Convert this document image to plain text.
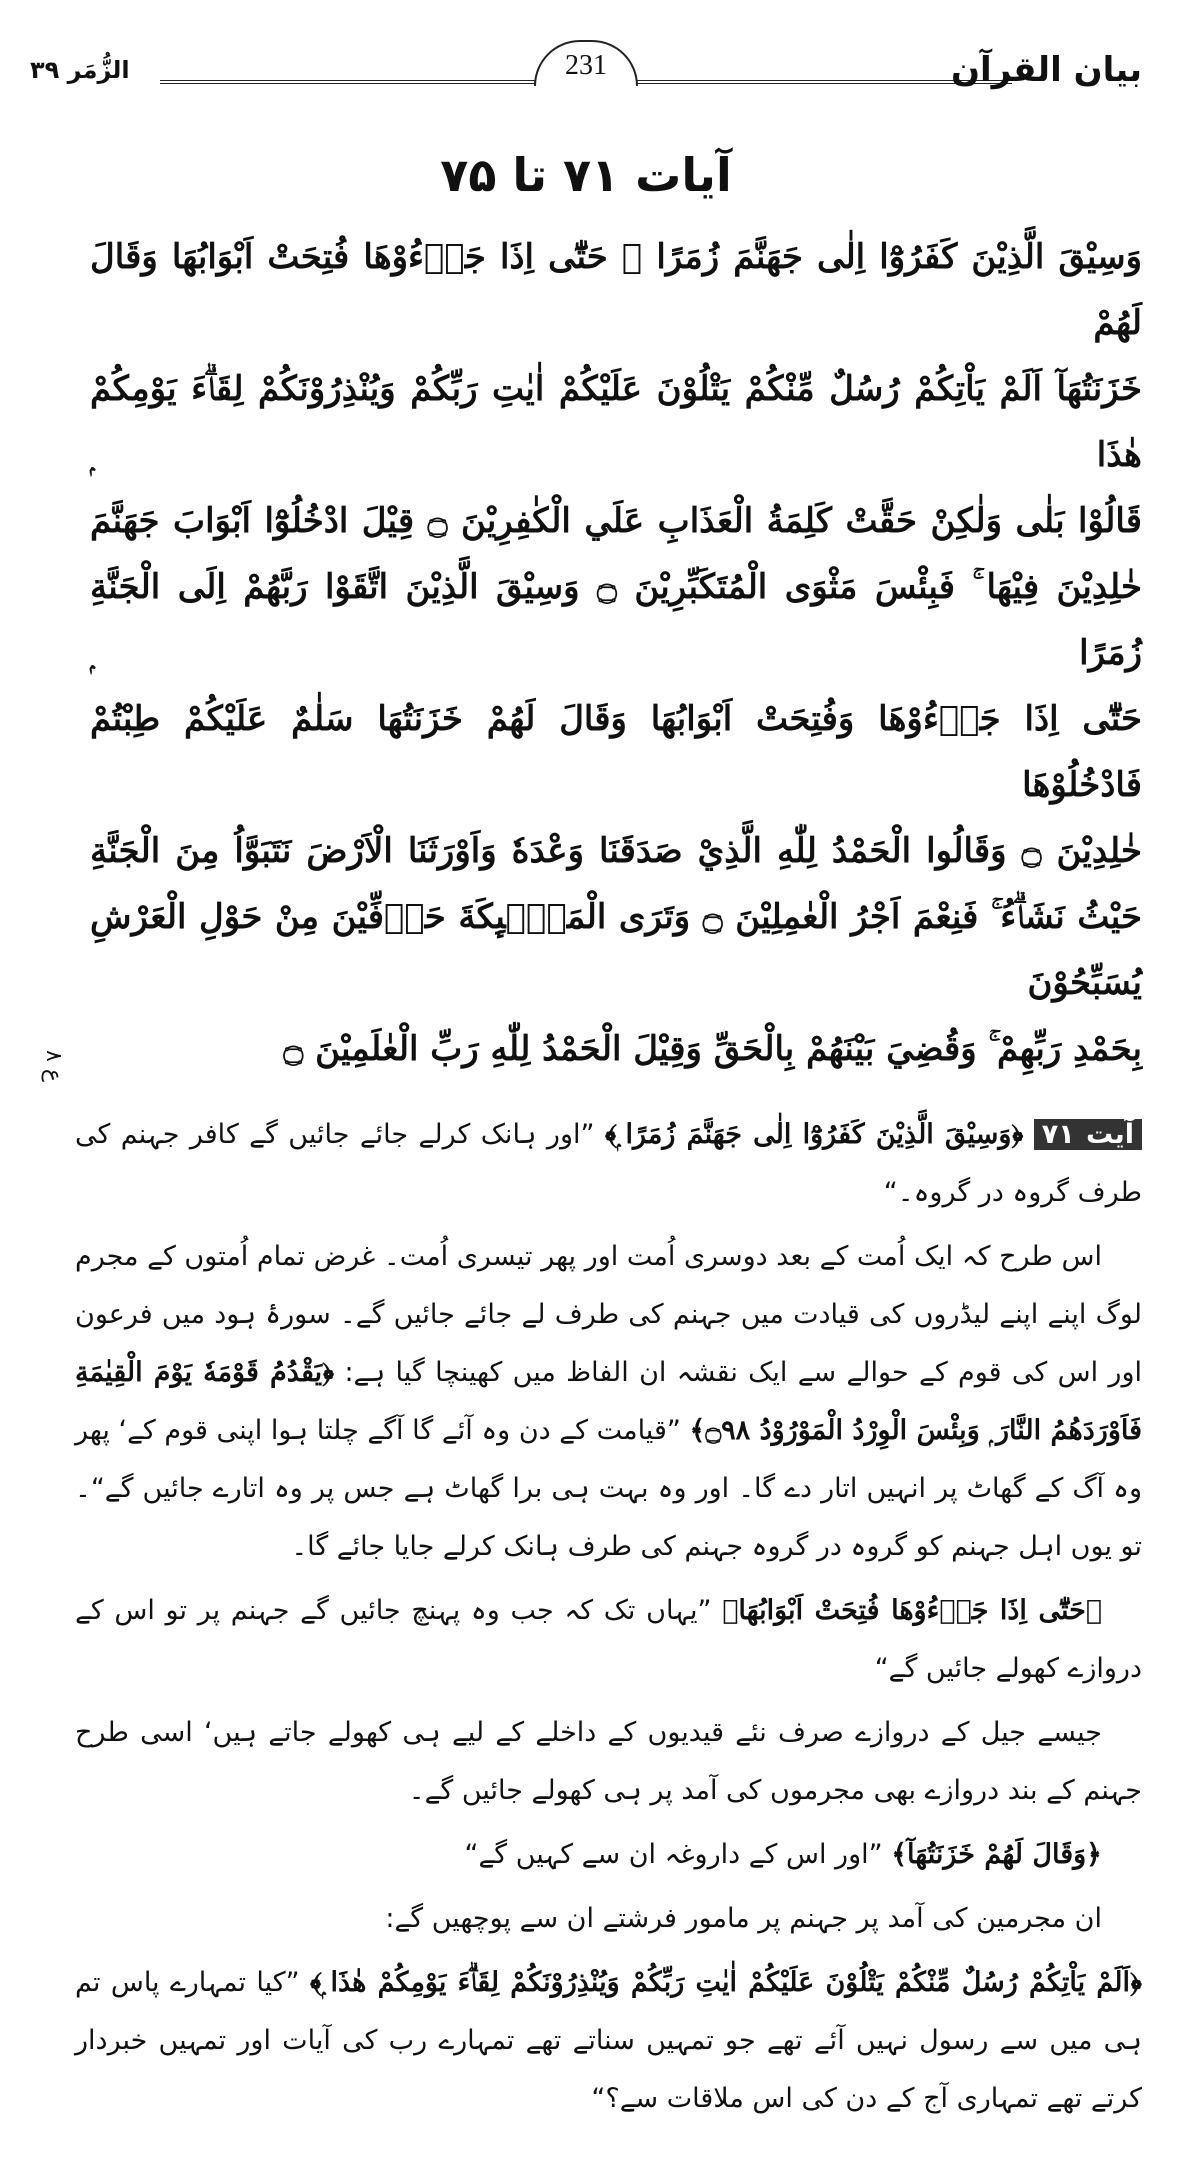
بیان القرآن
231
الزُّمَر ۳۹
آیات ۷۱ تا ۷۵

وَسِيْقَ الَّذِيْنَ كَفَرُوْٓا اِلٰى جَهَنَّمَ زُمَرًا ۭ حَتّٰٓى اِذَا جَاۗءُوْهَا فُتِحَتْ اَبْوَابُهَا وَقَالَ لَهُمْ

خَزَنَتُهَآ اَلَمْ يَاْتِكُمْ رُسُلٌ مِّنْكُمْ يَتْلُوْنَ عَلَيْكُمْ اٰيٰتِ رَبِّكُمْ وَيُنْذِرُوْنَكُمْ لِقَاۗءَ يَوْمِكُمْ هٰذَا ۭ

قَالُوْا بَلٰى وَلٰكِنْ حَقَّتْ كَلِمَةُ الْعَذَابِ عَلَي الْكٰفِرِيْنَ ۝ قِيْلَ ادْخُلُوْٓا اَبْوَابَ جَهَنَّمَ

خٰلِدِيْنَ فِيْهَا ۚ فَبِئْسَ مَثْوَى الْمُتَكَبِّرِيْنَ ۝ وَسِيْقَ الَّذِيْنَ اتَّقَوْا رَبَّهُمْ اِلَى الْجَنَّةِ زُمَرًا ۭ

حَتّٰٓى اِذَا جَاۗءُوْهَا وَفُتِحَتْ اَبْوَابُهَا وَقَالَ لَهُمْ خَزَنَتُهَا سَلٰمٌ عَلَيْكُمْ طِبْتُمْ فَادْخُلُوْهَا

خٰلِدِيْنَ ۝ وَقَالُوا الْحَمْدُ لِلّٰهِ الَّذِيْ صَدَقَنَا وَعْدَهٗ وَاَوْرَثَنَا الْاَرْضَ نَتَبَوَّاُ مِنَ الْجَنَّةِ

حَيْثُ نَشَاۗءُ ۚ فَنِعْمَ اَجْرُ الْعٰمِلِيْنَ ۝ وَتَرَى الْمَلٰۗىِٕكَةَ حَاۗفِّيْنَ مِنْ حَوْلِ الْعَرْشِ يُسَبِّحُوْنَ

بِحَمْدِ رَبِّهِمْ ۚ وَقُضِيَ بَيْنَهُمْ بِالْحَقِّ وَقِيْلَ الْحَمْدُ لِلّٰهِ رَبِّ الْعٰلَمِيْنَ ۝

ع ۸

آیت ۷۱ ﴿وَسِيْقَ الَّذِيْنَ كَفَرُوْٓا اِلٰى جَهَنَّمَ زُمَرًا ۭ﴾ ”اور ہانک کرلے جائے جائیں گے کافر جہنم کی طرف گروہ در گروہ۔“

اس طرح کہ ایک اُمت کے بعد دوسری اُمت اور پھر تیسری اُمت۔ غرض تمام اُمتوں کے مجرم لوگ اپنے اپنے لیڈروں کی قیادت میں جہنم کی طرف لے جائے جائیں گے۔ سورۂ ہود میں فرعون اور اس کی قوم کے حوالے سے ایک نقشہ ان الفاظ میں کھینچا گیا ہے: ﴿يَقْدُمُ قَوْمَهٗ يَوْمَ الْقِيٰمَةِ فَاَوْرَدَهُمُ النَّارَ ۭ وَبِئْسَ الْوِرْدُ الْمَوْرُوْدُ ۝۹۸﴾ ”قیامت کے دن وہ آئے گا آگے چلتا ہوا اپنی قوم کے‘ پھر وہ آگ کے گھاٹ پر انہیں اتار دے گا۔ اور وہ بہت ہی برا گھاٹ ہے جس پر وہ اتارے جائیں گے“۔ تو یوں اہل جہنم کو گروہ در گروہ جہنم کی طرف ہانک کرلے جایا جائے گا۔

﴿حَتّٰٓى اِذَا جَاۗءُوْهَا فُتِحَتْ اَبْوَابُهَا﴾ ”یہاں تک کہ جب وہ پہنچ جائیں گے جہنم پر تو اس کے دروازے کھولے جائیں گے“

جیسے جیل کے دروازے صرف نئے قیدیوں کے داخلے کے لیے ہی کھولے جاتے ہیں‘ اسی طرح جہنم کے بند دروازے بھی مجرموں کی آمد پر ہی کھولے جائیں گے۔

﴿وَقَالَ لَهُمْ خَزَنَتُهَآ﴾ ”اور اس کے داروغہ ان سے کہیں گے“

ان مجرمین کی آمد پر جہنم پر مامور فرشتے ان سے پوچھیں گے:

﴿اَلَمْ يَاْتِكُمْ رُسُلٌ مِّنْكُمْ يَتْلُوْنَ عَلَيْكُمْ اٰيٰتِ رَبِّكُمْ وَيُنْذِرُوْنَكُمْ لِقَاۗءَ يَوْمِكُمْ هٰذَا ۭ﴾ ”کیا تمہارے پاس تم ہی میں سے رسول نہیں آئے تھے جو تمہیں سناتے تھے تمہارے رب کی آیات اور تمہیں خبردار کرتے تھے تمہاری آج کے دن کی اس ملاقات سے؟“
